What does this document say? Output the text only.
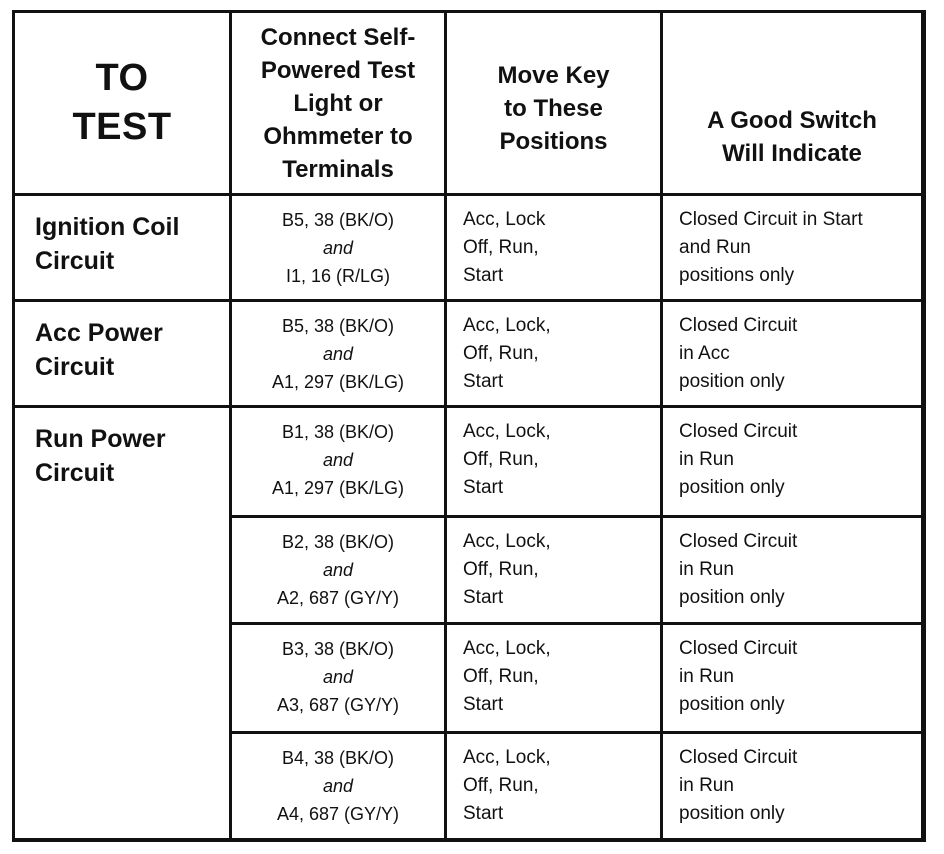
TO
TEST
Connect Self-
Powered Test
Light or
Ohmmeter to
Terminals
Move Key
to These
Positions
A Good Switch
Will Indicate
Ignition Coil
Circuit
Acc Power
Circuit
Run Power
Circuit
B5, 38 (BK/O)
and
I1, 16 (R/LG)
Acc, Lock
Off, Run,
Start
Closed Circuit in Start
and Run
positions only
B5, 38 (BK/O)
and
A1, 297 (BK/LG)
Acc, Lock,
Off, Run,
Start
Closed Circuit
in Acc
position only
B1, 38 (BK/O)
and
A1, 297 (BK/LG)
Acc, Lock,
Off, Run,
Start
Closed Circuit
in Run
position only
B2, 38 (BK/O)
and
A2, 687 (GY/Y)
Acc, Lock,
Off, Run,
Start
Closed Circuit
in Run
position only
B3, 38 (BK/O)
and
A3, 687 (GY/Y)
Acc, Lock,
Off, Run,
Start
Closed Circuit
in Run
position only
B4, 38 (BK/O)
and
A4, 687 (GY/Y)
Acc, Lock,
Off, Run,
Start
Closed Circuit
in Run
position only
